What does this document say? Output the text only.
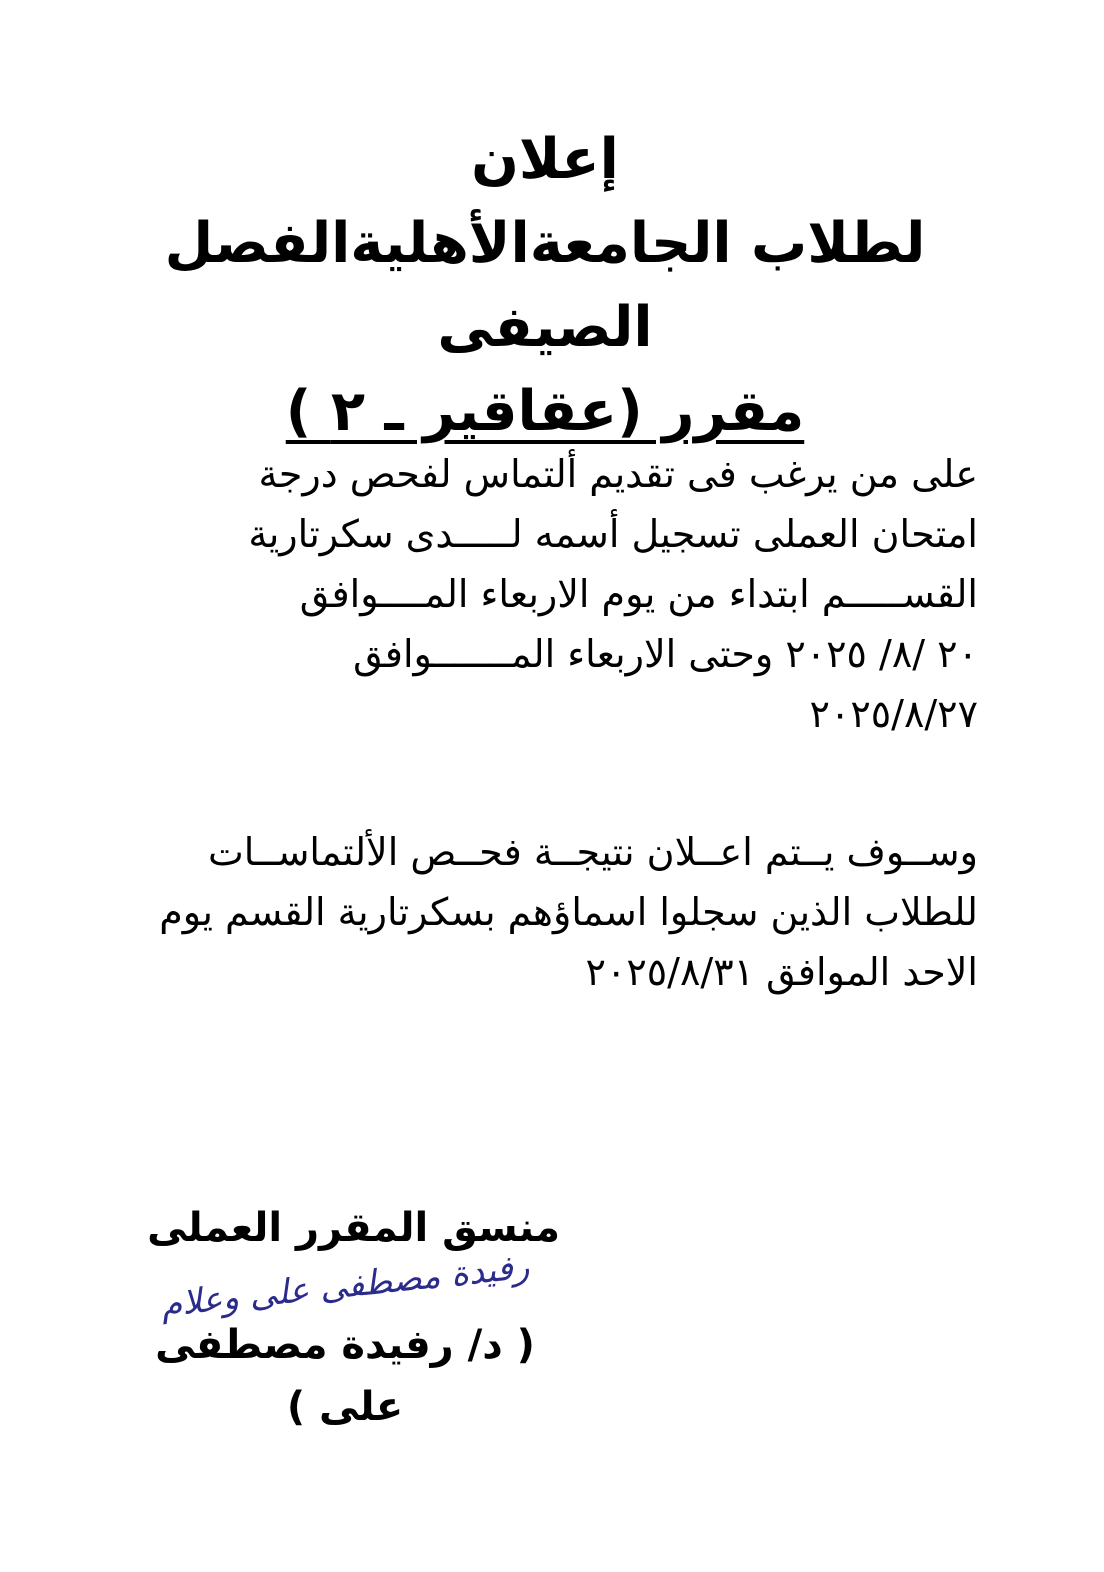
إعلان
لطلاب الجامعةالأهليةالفصل الصيفى
مقرر (عقاقير ـ ٢ )
على من يرغب فى تقديم ألتماس لفحص درجة
امتحان العملى تسجيل أسمه لـــــدى سكرتارية
القســـــم ابتداء من يوم الاربعاء المــــوافق
٢٠ /٨/ ٢٠٢٥ وحتى الاربعاء المـــــــوافق
٢٠٢٥/٨/٢٧
وســوف يــتم اعــلان نتيجــة فحــص الألتماســات
للطلاب الذين سجلوا اسماؤهم بسكرتارية القسم يوم
الاحد الموافق ٢٠٢٥/٨/٣١
منسق المقرر العملى
رفيدة مصطفى على وعلام
( د/ رفيدة مصطفى على )
